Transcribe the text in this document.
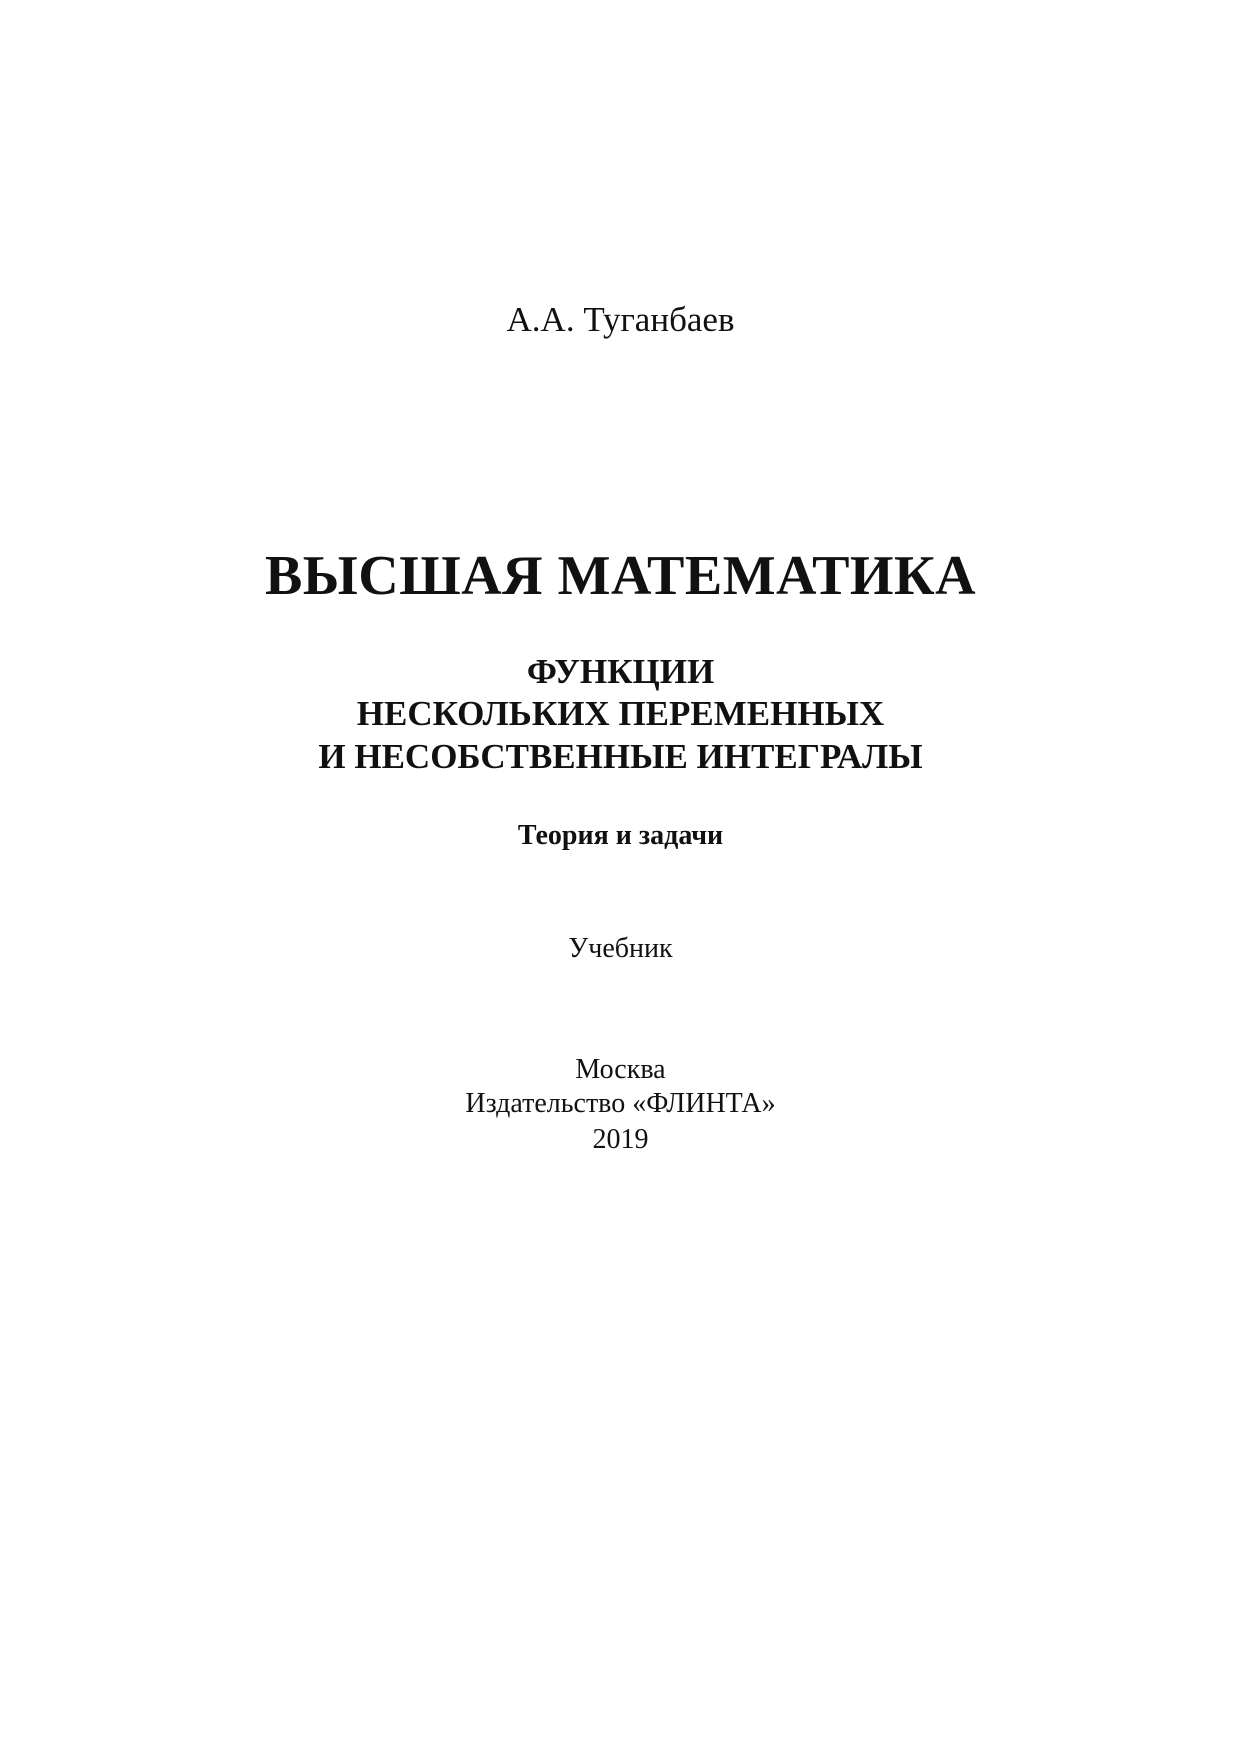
А.А. Туганбаев
ВЫСШАЯ МАТЕМАТИКА
ФУНКЦИИ
НЕСКОЛЬКИХ ПЕРЕМЕННЫХ
И НЕСОБСТВЕННЫЕ ИНТЕГРАЛЫ
Теория и задачи
Учебник
Москва
Издательство «ФЛИНТА»
2019
